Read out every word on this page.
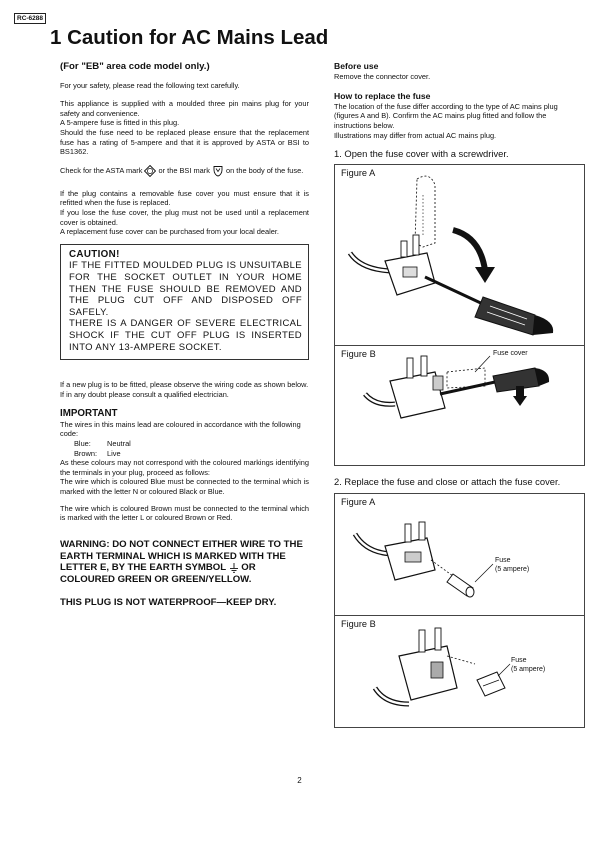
RC-6288
1 Caution for AC Mains Lead
(For "EB" area code model only.)
For your safety, please read the following text carefully.
This appliance is supplied with a moulded three pin mains plug for your safety and convenience.
A 5-ampere fuse is fitted in this plug.
Should the fuse need to be replaced please ensure that the replacement fuse has a rating of 5-ampere and that it is approved by ASTA or BSI to BS1362.
Check for the ASTA mark or the BSI mark on the body of the fuse.
If the plug contains a removable fuse cover you must ensure that it is refitted when the fuse is replaced.
If you lose the fuse cover, the plug must not be used until a replacement cover is obtained.
A replacement fuse cover can be purchased from your local dealer.
CAUTION!
IF THE FITTED MOULDED PLUG IS UNSUITABLE FOR THE SOCKET OUTLET IN YOUR HOME THEN THE FUSE SHOULD BE REMOVED AND THE PLUG CUT OFF AND DISPOSED OFF SAFELY.
THERE IS A DANGER OF SEVERE ELECTRICAL SHOCK IF THE CUT OFF PLUG IS INSERTED INTO ANY 13-AMPERE SOCKET.
If a new plug is to be fitted, please observe the wiring code as shown below.
If in any doubt please consult a qualified electrician.
IMPORTANT
The wires in this mains lead are coloured in accordance with the following code:
Blue:	Neutral
Brown:	Live
As these colours may not correspond with the coloured markings identifying the terminals in your plug, proceed as follows:
The wire which is coloured Blue must be connected to the terminal which is marked with the letter N or coloured Black or Blue.
The wire which is coloured Brown must be connected to the terminal which is marked with the letter L or coloured Brown or Red.
WARNING: DO NOT CONNECT EITHER WIRE TO THE EARTH TERMINAL WHICH IS MARKED WITH THE LETTER E, BY THE EARTH SYMBOL OR COLOURED GREEN OR GREEN/YELLOW.
THIS PLUG IS NOT WATERPROOF—KEEP DRY.
Before use
Remove the connector cover.
How to replace the fuse
The location of the fuse differ according to the type of AC mains plug (figures A and B). Confirm the AC mains plug fitted and follow the instructions below.
Illustrations may differ from actual AC mains plug.
1. Open the fuse cover with a screwdriver.
Figure A
Figure B	Fuse cover
2. Replace the fuse and close or attach the fuse cover.
Figure A
Fuse
(5 ampere)
Figure B
Fuse
(5 ampere)
2
